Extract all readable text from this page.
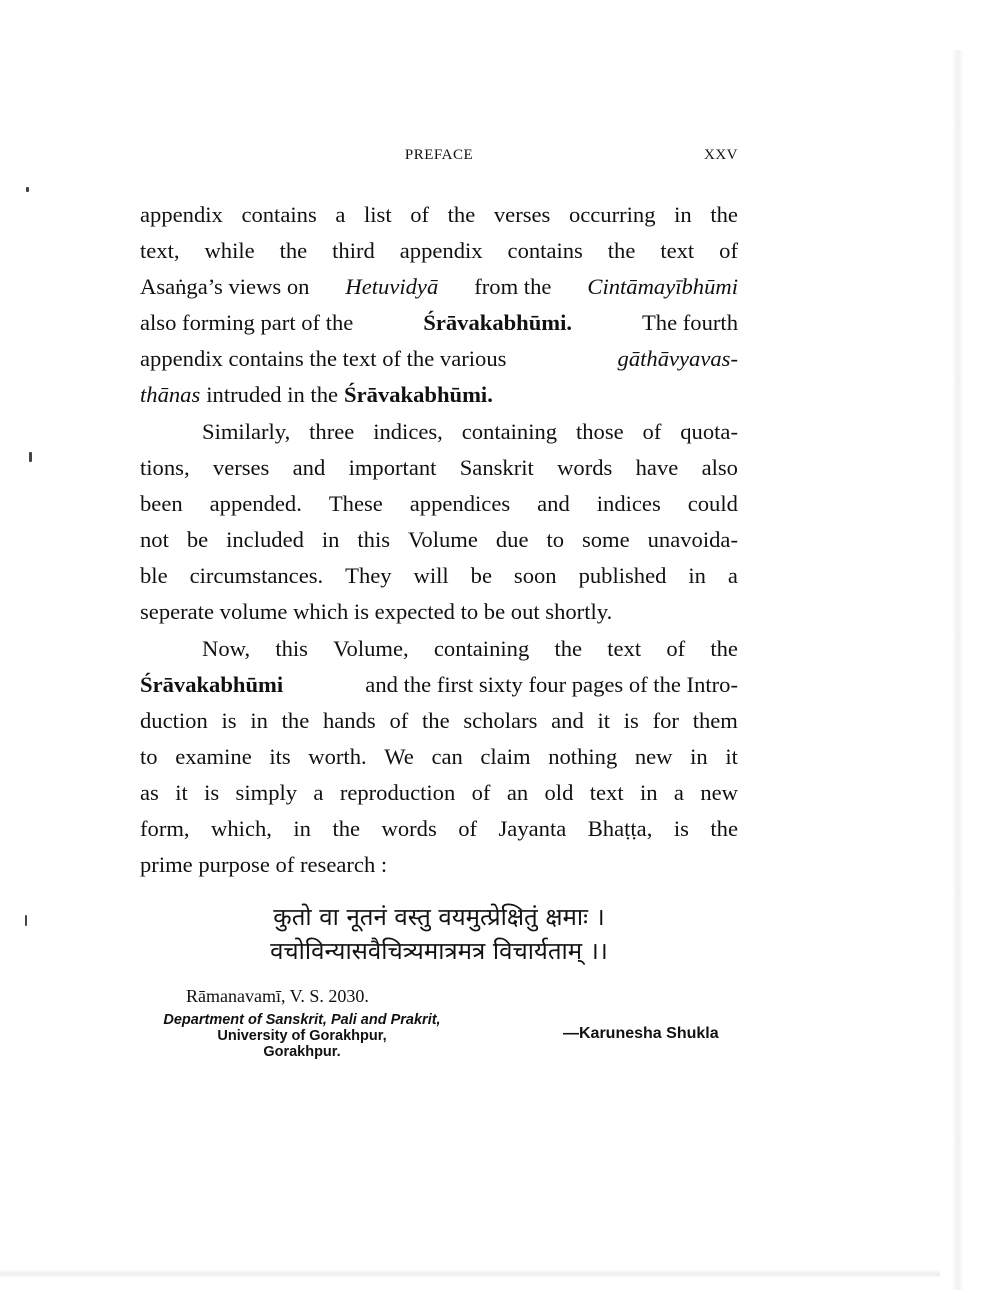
PREFACE	XXV
appendix contains a list of the verses occurring in the
text, while the third appendix contains the text of
Asaṅga’s views on Hetuvidyā from the Cintāmayībhūmi
also forming part of the	Śrāvakabhūmi.	The fourth
appendix contains the text of the various	gāthāvyavas-
thānas intruded in the Śrāvakabhūmi.
Similarly, three indices, containing those of quota-
tions, verses and important Sanskrit words have also
been appended. These appendices and indices could
not be included in this Volume due to some unavoida-
ble circumstances. They will be soon published in a
seperate volume which is expected to be out shortly.
Now, this Volume, containing the text of the
Śrāvakabhūmi	and the first sixty four pages of the Intro-
duction is in the hands of the scholars and it is for them
to examine its worth. We can claim nothing new in it
as it is simply a reproduction of an old text in a new
form, which, in the words of Jayanta Bhaṭṭa, is the
prime purpose of research :
कुतो वा नूतनं वस्तु वयमुत्प्रेक्षितुं क्षमाः ।
वचोविन्यासवैचित्र्यमात्रमत्र विचार्यताम् ।।
Rāmanavamī, V. S. 2030.
Department of Sanskrit, Pali and Prakrit,
University of Gorakhpur,
Gorakhpur.
—Karunesha Shukla
